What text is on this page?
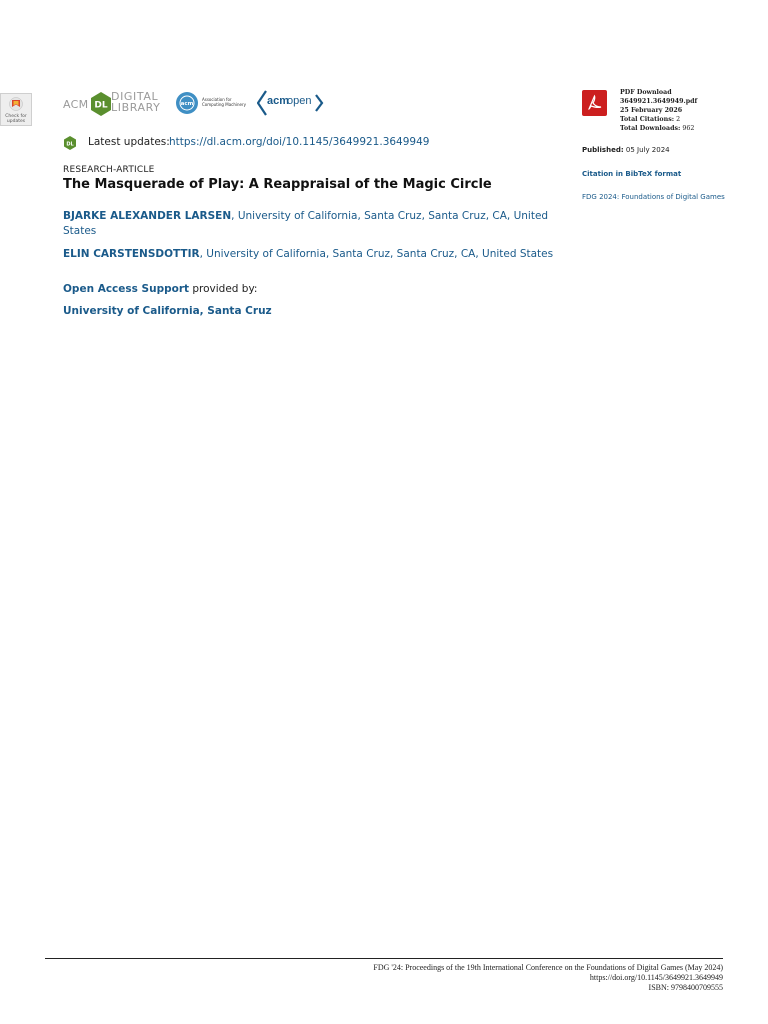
Check for updates
ACM DL
DIGITAL
LIBRARY	acm
Association for
Computing Machinery	acm
open
DL Latest updates: https://dl.acm.org/doi/10.1145/3649921.3649949
RESEARCH-ARTICLE
The Masquerade of Play: A Reappraisal of the Magic Circle
BJARKE ALEXANDER LARSEN, University of California, Santa Cruz, Santa Cruz, CA, United States
ELIN CARSTENSDOTTIR, University of California, Santa Cruz, Santa Cruz, CA, United States
Open Access Support provided by:
University of California, Santa Cruz
PDF Download
3649921.3649949.pdf
25 February 2026
Total Citations: 2
Total Downloads: 962
Published: 05 July 2024
Citation in BibTeX format
FDG 2024: Foundations of Digital Games
FDG '24: Proceedings of the 19th International Conference on the Foundations of Digital Games (May 2024)
https://doi.org/10.1145/3649921.3649949
ISBN: 9798400709555
